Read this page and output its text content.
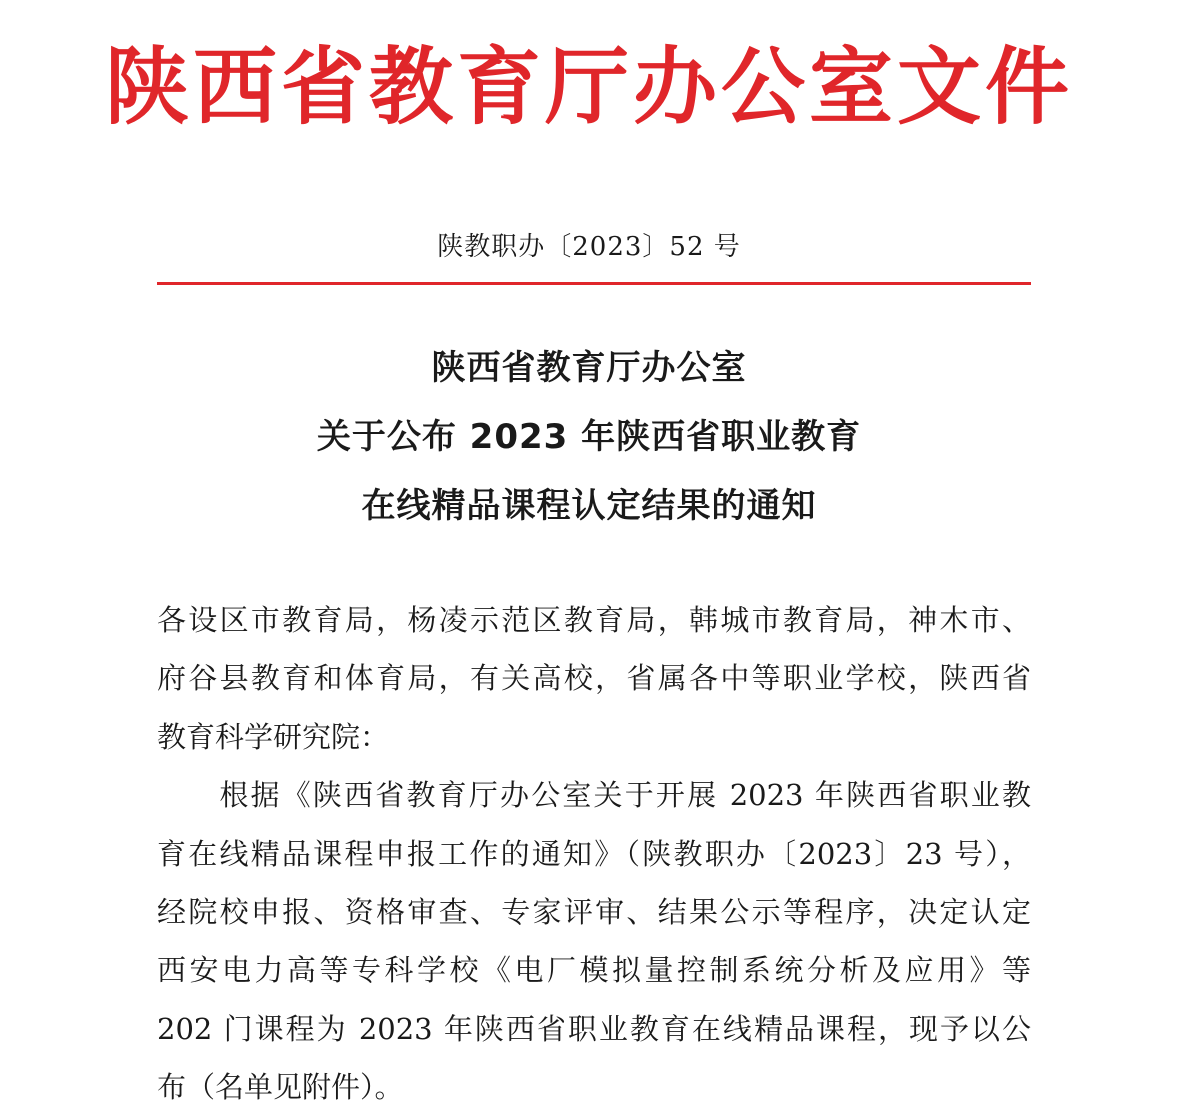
陕西省教育厅办公室文件
陕教职办〔2023〕52 号
陕西省教育厅办公室
关于公布 2023 年陕西省职业教育
在线精品课程认定结果的通知
各设区市教育局，杨凌示范区教育局，韩城市教育局，神木市、
府谷县教育和体育局，有关高校，省属各中等职业学校，陕西省
教育科学研究院：
　　根据《陕西省教育厅办公室关于开展 2023 年陕西省职业教
育在线精品课程申报工作的通知》（陕教职办〔2023〕23 号），
经院校申报、资格审查、专家评审、结果公示等程序，决定认定
西安电力高等专科学校《电厂模拟量控制系统分析及应用》等
202 门课程为 2023 年陕西省职业教育在线精品课程，现予以公
布（名单见附件）。
